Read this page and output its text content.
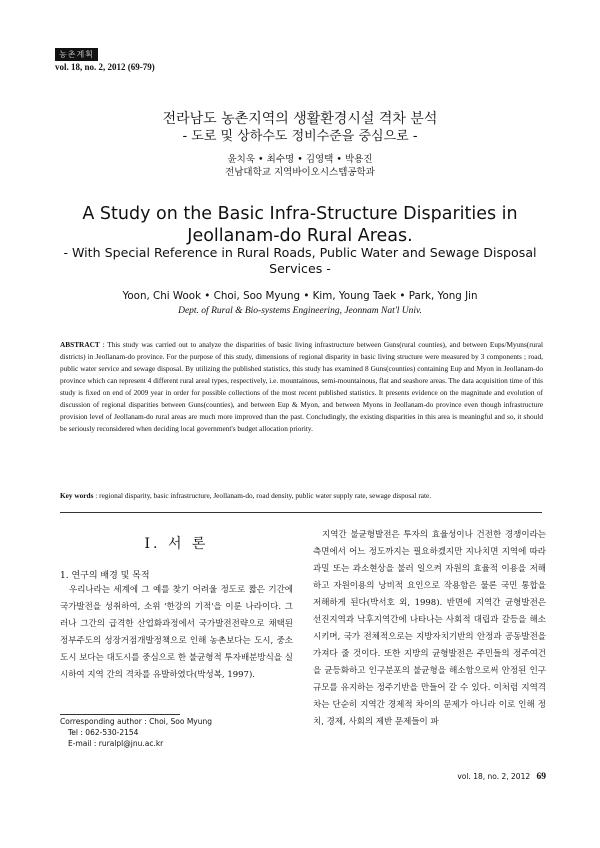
농촌계획
vol. 18, no. 2, 2012 (69-79)
전라남도 농촌지역의 생활환경시설 격차 분석
- 도로 및 상하수도 정비수준을 중심으로 -
윤치욱 • 최수명 • 김영택 • 박용진
전남대학교 지역바이오시스템공학과
A Study on the Basic Infra-Structure Disparities in Jeollanam-do Rural Areas.
- With Special Reference in Rural Roads, Public Water and Sewage Disposal Services -
Yoon, Chi Wook • Choi, Soo Myung • Kim, Young Taek • Park, Yong Jin
Dept. of Rural & Bio-systems Engineering, Jeonnam Nat'l Univ.
ABSTRACT : This study was carried out to analyze the disparities of basic living infrastructure between Guns(rural counties), and between Eups/Myuns(rural districts) in Jeollanam-do province. For the purpose of this study, dimensions of regional disparity in basic living structure were measured by 3 components ; road, public water service and sewage disposal. By utilizing the published statistics, this study has examined 8 Guns(counties) containing Eup and Myon in Jeollanam-do province which can represent 4 different rural areal types, respectively, i.e. mountainous, semi-mountainous, flat and seashore areas. The data acquisition time of this study is fixed on end of 2009 year in order for possible collections of the most recent published statistics. It presents evidence on the magnitude and evolution of discussion of regional disparities between Guns(counties), and between Eup & Myon, and between Myons in Jeollanam-do province even though infrastructure provision level of Jeollanam-do rural areas are much more improved than the past. Concludingly, the existing disparities in this area is meaningful and so, it should be seriously reconsidered when deciding local government's budget allocation priority.
Key words : regional disparity, basic infrastructure, Jeollanam-do, road density, public water supply rate, sewage disposal rate.
I. 서 론
1. 연구의 배경 및 목적
우리나라는 세계에 그 예를 찾기 어려울 정도로 짧은 기간에 국가발전을 성취하여, 소위 '한강의 기적'을 이룬 나라이다. 그러나 그간의 급격한 산업화과정에서 국가발전전략으로 채택된 정부주도의 성장거점개발정책으로 인해 농촌보다는 도시, 중소도시 보다는 대도시를 중심으로 한 불균형적 투자배분방식을 실시하여 지역 간의 격차를 유발하였다(박성복, 1997).
지역간 불균형발전은 투자의 효율성이나 건전한 경쟁이라는 측면에서 어느 정도까지는 필요하겠지만 지나치면 지역에 따라 과밀 또는 과소현상을 불러 일으켜 자원의 효율적 이용을 저해하고 자원이용의 낭비적 요인으로 작용함은 물론 국민 통합을 저해하게 된다(박서호 외, 1998). 반면에 지역간 균형발전은 선진지역과 낙후지역간에 나타나는 사회적 대립과 갈등을 해소시키며, 국가 전체적으로는 지방자치기반의 안정과 공동발전을 가져다 줄 것이다. 또한 지방의 균형발전은 주민들의 정주여건을 균등화하고 인구분포의 불균형을 해소함으로써 안정된 인구규모를 유지하는 정주기반을 만들어 갈 수 있다. 이처럼 지역격차는 단순히 지역간 경제적 차이의 문제가 아니라 이로 인해 정치, 경제, 사회의 제반 문제들이 파
Corresponding author : Choi, Soo Myung
Tel : 062-530-2154
E-mail : ruralpl@jnu.ac.kr
vol. 18, no. 2, 2012 69
